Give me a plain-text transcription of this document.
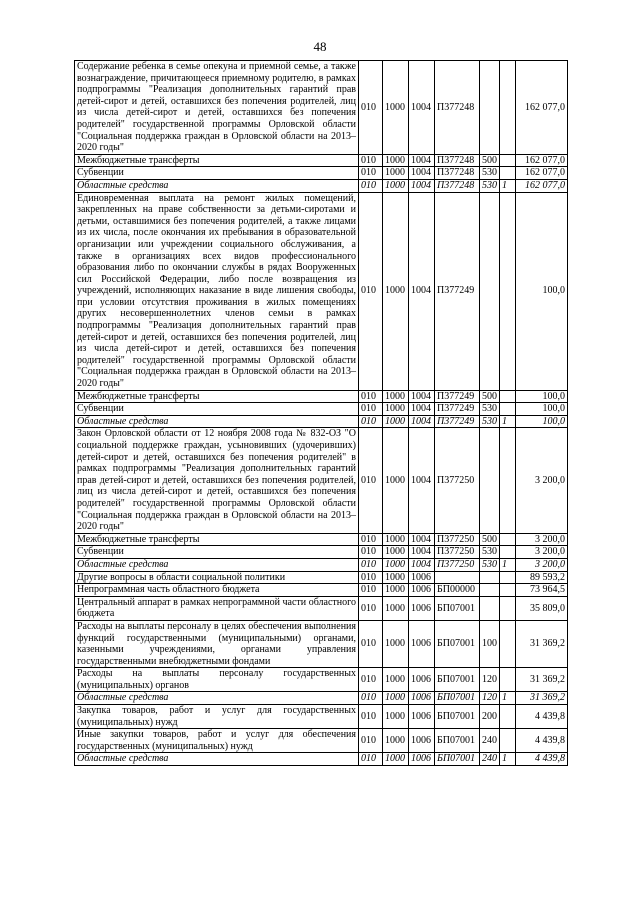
48
Содержание ребенка в семье опекуна и приемной семье, а также вознаграждение, причитающееся приемному родителю, в рамках подпрограммы "Реализация дополнительных гарантий прав детей-сирот и детей, оставшихся без попечения родителей, лиц из числа детей-сирот и детей, оставшихся без попечения родителей" государственной программы Орловской области "Социальная поддержка граждан в Орловской области на 2013–2020 годы"	010	1000	1004	П377248			162 077,0
Межбюджетные трансферты	010	1000	1004	П377248	500		162 077,0
Субвенции	010	1000	1004	П377248	530		162 077,0
Областные средства	010	1000	1004	П377248	530	1	162 077,0
Единовременная выплата на ремонт жилых помещений, закрепленных на праве собственности за детьми-сиротами и детьми, оставшимися без попечения родителей, а также лицами из их числа, после окончания их пребывания в образовательной организации или учреждении социального обслуживания, а также в организациях всех видов профессионального образования либо по окончании службы в рядах Вооруженных сил Российской Федерации, либо после возвращения из учреждений, исполняющих наказание в виде лишения свободы, при условии отсутствия проживания в жилых помещениях других несовершеннолетних членов семьи в рамках подпрограммы "Реализация дополнительных гарантий прав детей-сирот и детей, оставшихся без попечения родителей, лиц из числа детей-сирот и детей, оставшихся без попечения родителей" государственной программы Орловской области "Социальная поддержка граждан в Орловской области на 2013–2020 годы"	010	1000	1004	П377249			100,0
Межбюджетные трансферты	010	1000	1004	П377249	500		100,0
Субвенции	010	1000	1004	П377249	530		100,0
Областные средства	010	1000	1004	П377249	530	1	100,0
Закон Орловской области от 12 ноября 2008 года № 832-ОЗ "О социальной поддержке граждан, усыновивших (удочеривших) детей-сирот и детей, оставшихся без попечения родителей" в рамках подпрограммы "Реализация дополнительных гарантий прав детей-сирот и детей, оставшихся без попечения родителей, лиц из числа детей-сирот и детей, оставшихся без попечения родителей" государственной программы Орловской области "Социальная поддержка граждан в Орловской области на 2013–2020 годы"	010	1000	1004	П377250			3 200,0
Межбюджетные трансферты	010	1000	1004	П377250	500		3 200,0
Субвенции	010	1000	1004	П377250	530		3 200,0
Областные средства	010	1000	1004	П377250	530	1	3 200,0
Другие вопросы в области социальной политики	010	1000	1006				89 593,2
Непрограммная часть областного бюджета	010	1000	1006	БП00000			73 964,5
Центральный аппарат в рамках непрограммной части областного бюджета	010	1000	1006	БП07001			35 809,0
Расходы на выплаты персоналу в целях обеспечения выполнения функций государственными (муниципальными) органами, казенными учреждениями, органами управления государственными внебюджетными фондами	010	1000	1006	БП07001	100		31 369,2
Расходы на выплаты персоналу государственных (муниципальных) органов	010	1000	1006	БП07001	120		31 369,2
Областные средства	010	1000	1006	БП07001	120	1	31 369,2
Закупка товаров, работ и услуг для государственных (муниципальных) нужд	010	1000	1006	БП07001	200		4 439,8
Иные закупки товаров, работ и услуг для обеспечения государственных (муниципальных) нужд	010	1000	1006	БП07001	240		4 439,8
Областные средства	010	1000	1006	БП07001	240	1	4 439,8
